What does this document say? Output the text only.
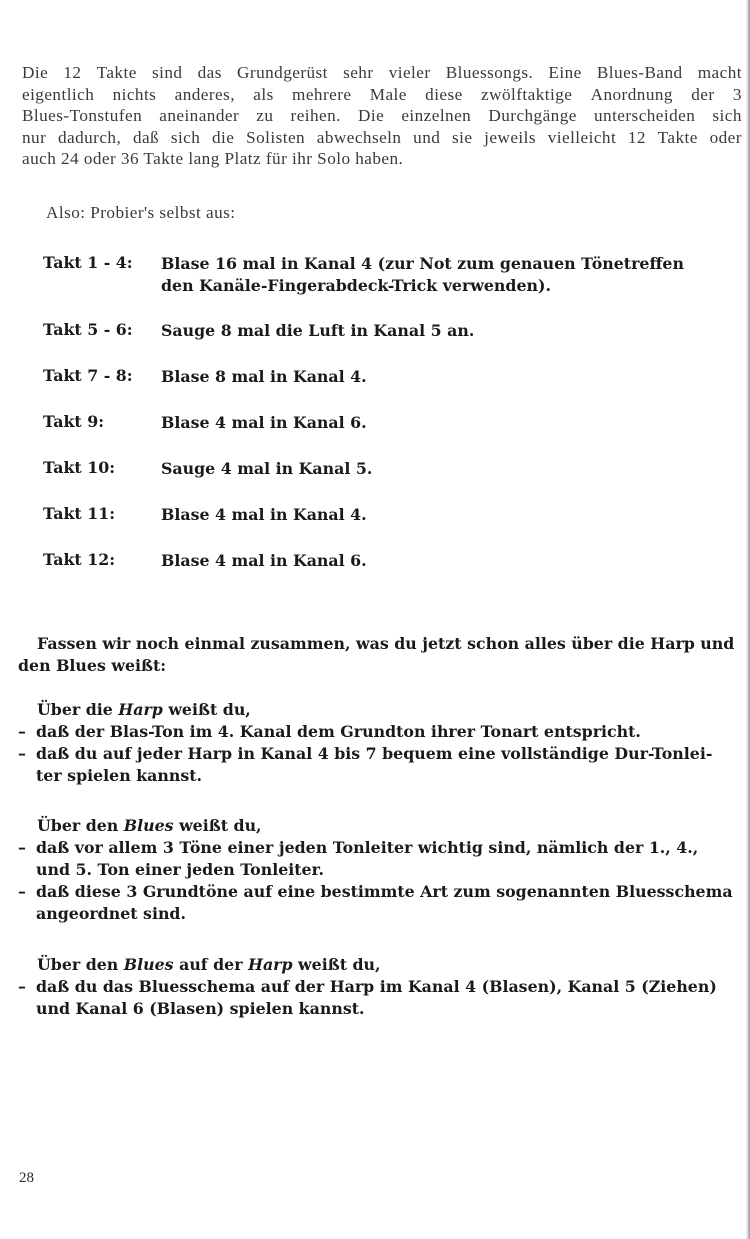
Die 12 Takte sind das Grundgerüst sehr vieler Bluessongs. Eine Blues-Band macht
eigentlich nichts anderes, als mehrere Male diese zwölftaktige Anordnung der 3
Blues-Tonstufen aneinander zu reihen. Die einzelnen Durchgänge unterscheiden sich
nur dadurch, daß sich die Solisten abwechseln und sie jeweils vielleicht 12 Takte oder
auch 24 oder 36 Takte lang Platz für ihr Solo haben.
Also: Probier's selbst aus:
Takt 1 - 4: Blase 16 mal in Kanal 4 (zur Not zum genauen Tönetreffen
den Kanäle-Fingerabdeck-Trick verwenden).
Takt 5 - 6: Sauge 8 mal die Luft in Kanal 5 an.
Takt 7 - 8: Blase 8 mal in Kanal 4.
Takt 9:	Blase 4 mal in Kanal 6.
Takt 10:	Sauge 4 mal in Kanal 5.
Takt 11:	Blase 4 mal in Kanal 4.
Takt 12:	Blase 4 mal in Kanal 6.
Fassen wir noch einmal zusammen, was du jetzt schon alles über die Harp und
den Blues weißt:
Über die Harp weißt du,
– daß der Blas-Ton im 4. Kanal dem Grundton ihrer Tonart entspricht.
– daß du auf jeder Harp in Kanal 4 bis 7 bequem eine vollständige Dur-Tonlei-
ter spielen kannst.
Über den Blues weißt du,
– daß vor allem 3 Töne einer jeden Tonleiter wichtig sind, nämlich der 1., 4.,
und 5. Ton einer jeden Tonleiter.
– daß diese 3 Grundtöne auf eine bestimmte Art zum sogenannten Bluesschema
angeordnet sind.
Über den Blues auf der Harp weißt du,
– daß du das Bluesschema auf der Harp im Kanal 4 (Blasen), Kanal 5 (Ziehen)
und Kanal 6 (Blasen) spielen kannst.
28
